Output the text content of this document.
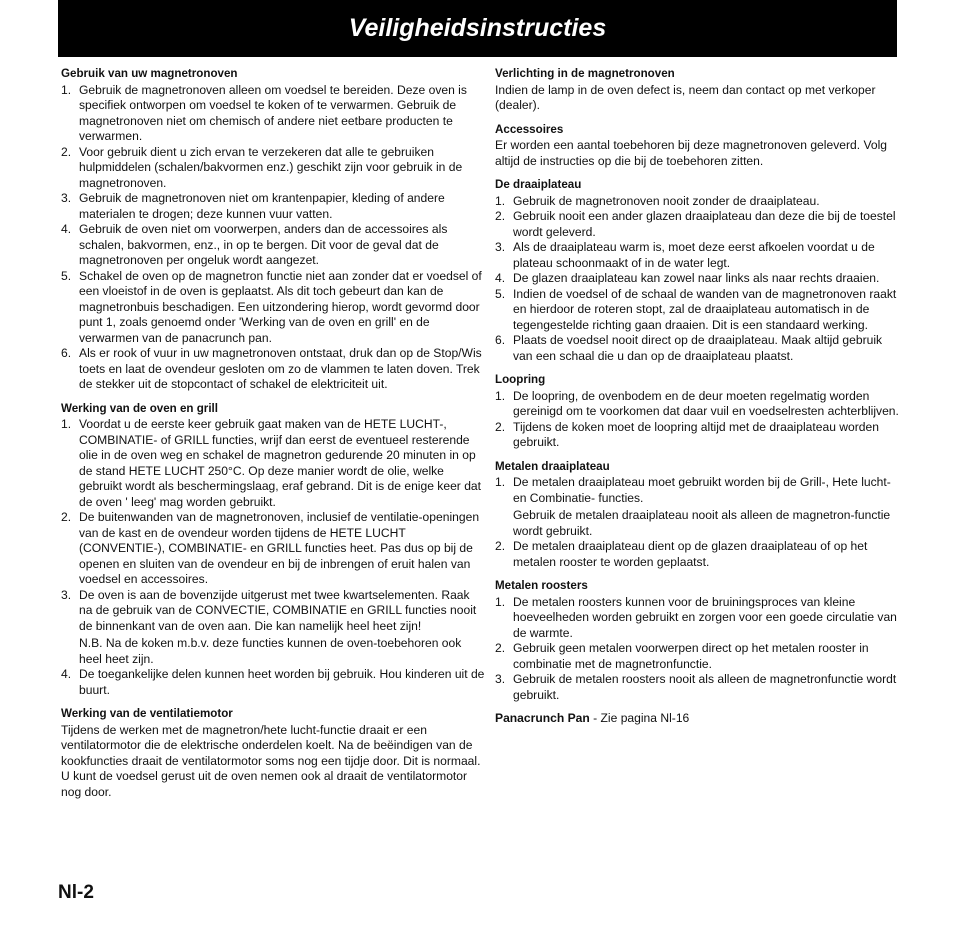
Veiligheidsinstructies
Gebruik van uw magnetronoven
1. Gebruik de magnetronoven alleen om voedsel te bereiden. Deze oven is specifiek ontworpen om voedsel te koken of te verwarmen. Gebruik de magnetronoven niet om chemisch of andere niet eetbare producten te verwarmen.
2. Voor gebruik dient u zich ervan te verzekeren dat alle te gebruiken hulpmiddelen (schalen/bakvormen enz.) geschikt zijn voor gebruik in de magnetronoven.
3. Gebruik de magnetronoven niet om krantenpapier, kleding of andere materialen te drogen; deze kunnen vuur vatten.
4. Gebruik de oven niet om voorwerpen, anders dan de accessoires als schalen, bakvormen, enz., in op te bergen. Dit voor de geval dat de magnetronoven per ongeluk wordt aangezet.
5. Schakel de oven op de magnetron functie niet aan zonder dat er voedsel of een vloeistof in de oven is geplaatst. Als dit toch gebeurt dan kan de magnetronbuis beschadigen. Een uitzondering hierop, wordt gevormd door punt 1, zoals genoemd onder 'Werking van de oven en grill' en de verwarmen van de panacrunch pan.
6. Als er rook of vuur in uw magnetronoven ontstaat, druk dan op de Stop/Wis toets en laat de ovendeur gesloten om zo de vlammen te laten doven. Trek de stekker uit de stopcontact of schakel de elektriciteit uit.
Werking van de oven en grill
1. Voordat u de eerste keer gebruik gaat maken van de HETE LUCHT-, COMBINATIE- of GRILL functies, wrijf dan eerst de eventueel resterende olie in de oven weg en schakel de magnetron gedurende 20 minuten in op de stand HETE LUCHT 250°C. Op deze manier wordt de olie, welke gebruikt wordt als beschermingslaag, eraf gebrand. Dit is de enige keer dat de oven ' leeg' mag worden gebruikt.
2. De buitenwanden van de magnetronoven, inclusief de ventilatie-openingen van de kast en de ovendeur worden tijdens de HETE LUCHT (CONVENTIE-), COMBINATIE- en GRILL functies heet. Pas dus op bij de openen en sluiten van de ovendeur en bij de inbrengen of eruit halen van voedsel en accessoires.
3. De oven is aan de bovenzijde uitgerust met twee kwartselementen. Raak na de gebruik van de CONVECTIE, COMBINATIE en GRILL functies nooit de binnenkant van de oven aan. Die kan namelijk heel heet zijn!
N.B. Na de koken m.b.v. deze functies kunnen de oven-toebehoren ook heel heet zijn.
4. De toegankelijke delen kunnen heet worden bij gebruik. Hou kinderen uit de buurt.
Werking van de ventilatiemotor

Tijdens de werken met de magnetron/hete lucht-functie draait er een ventilatormotor die de elektrische onderdelen koelt. Na de beëindigen van de kookfuncties draait de ventilatormotor soms nog een tijdje door. Dit is normaal. U kunt de voedsel gerust uit de oven nemen ook al draait de ventilatormotor nog door.

Verlichting in de magnetronoven

Indien de lamp in de oven defect is, neem dan contact op met verkoper (dealer).

Accessoires

Er worden een aantal toebehoren bij deze magnetronoven geleverd. Volg altijd de instructies op die bij de toebehoren zitten.

De draaiplateau
1. Gebruik de magnetronoven nooit zonder de draaiplateau.
2. Gebruik nooit een ander glazen draaiplateau dan deze die bij de toestel wordt geleverd.
3. Als de draaiplateau warm is, moet deze eerst afkoelen voordat u de plateau schoonmaakt of in de water legt.
4. De glazen draaiplateau kan zowel naar links als naar rechts draaien.
5. Indien de voedsel of de schaal de wanden van de magnetronoven raakt en hierdoor de roteren stopt, zal de draaiplateau automatisch in de tegengestelde richting gaan draaien. Dit is een standaard werking.
6. Plaats de voedsel nooit direct op de draaiplateau. Maak altijd gebruik van een schaal die u dan op de draaiplateau plaatst.
Loopring
1. De loopring, de ovenbodem en de deur moeten regelmatig worden gereinigd om te voorkomen dat daar vuil en voedselresten achterblijven.
2. Tijdens de koken moet de loopring altijd met de draaiplateau worden gebruikt.
Metalen draaiplateau
1. De metalen draaiplateau moet gebruikt worden bij de Grill-, Hete lucht- en Combinatie- functies.
Gebruik de metalen draaiplateau nooit als alleen de magnetron-functie wordt gebruikt.
2. De metalen draaiplateau dient op de glazen draaiplateau of op het metalen rooster te worden geplaatst.
Metalen roosters
1. De metalen roosters kunnen voor de bruiningsproces van kleine hoeveelheden worden gebruikt en zorgen voor een goede circulatie van de warmte.
2. Gebruik geen metalen voorwerpen direct op het metalen rooster in combinatie met de magnetronfunctie.
3. Gebruik de metalen roosters nooit als alleen de magnetronfunctie wordt gebruikt.

Panacrunch Pan - Zie pagina Nl-16

Nl-2
